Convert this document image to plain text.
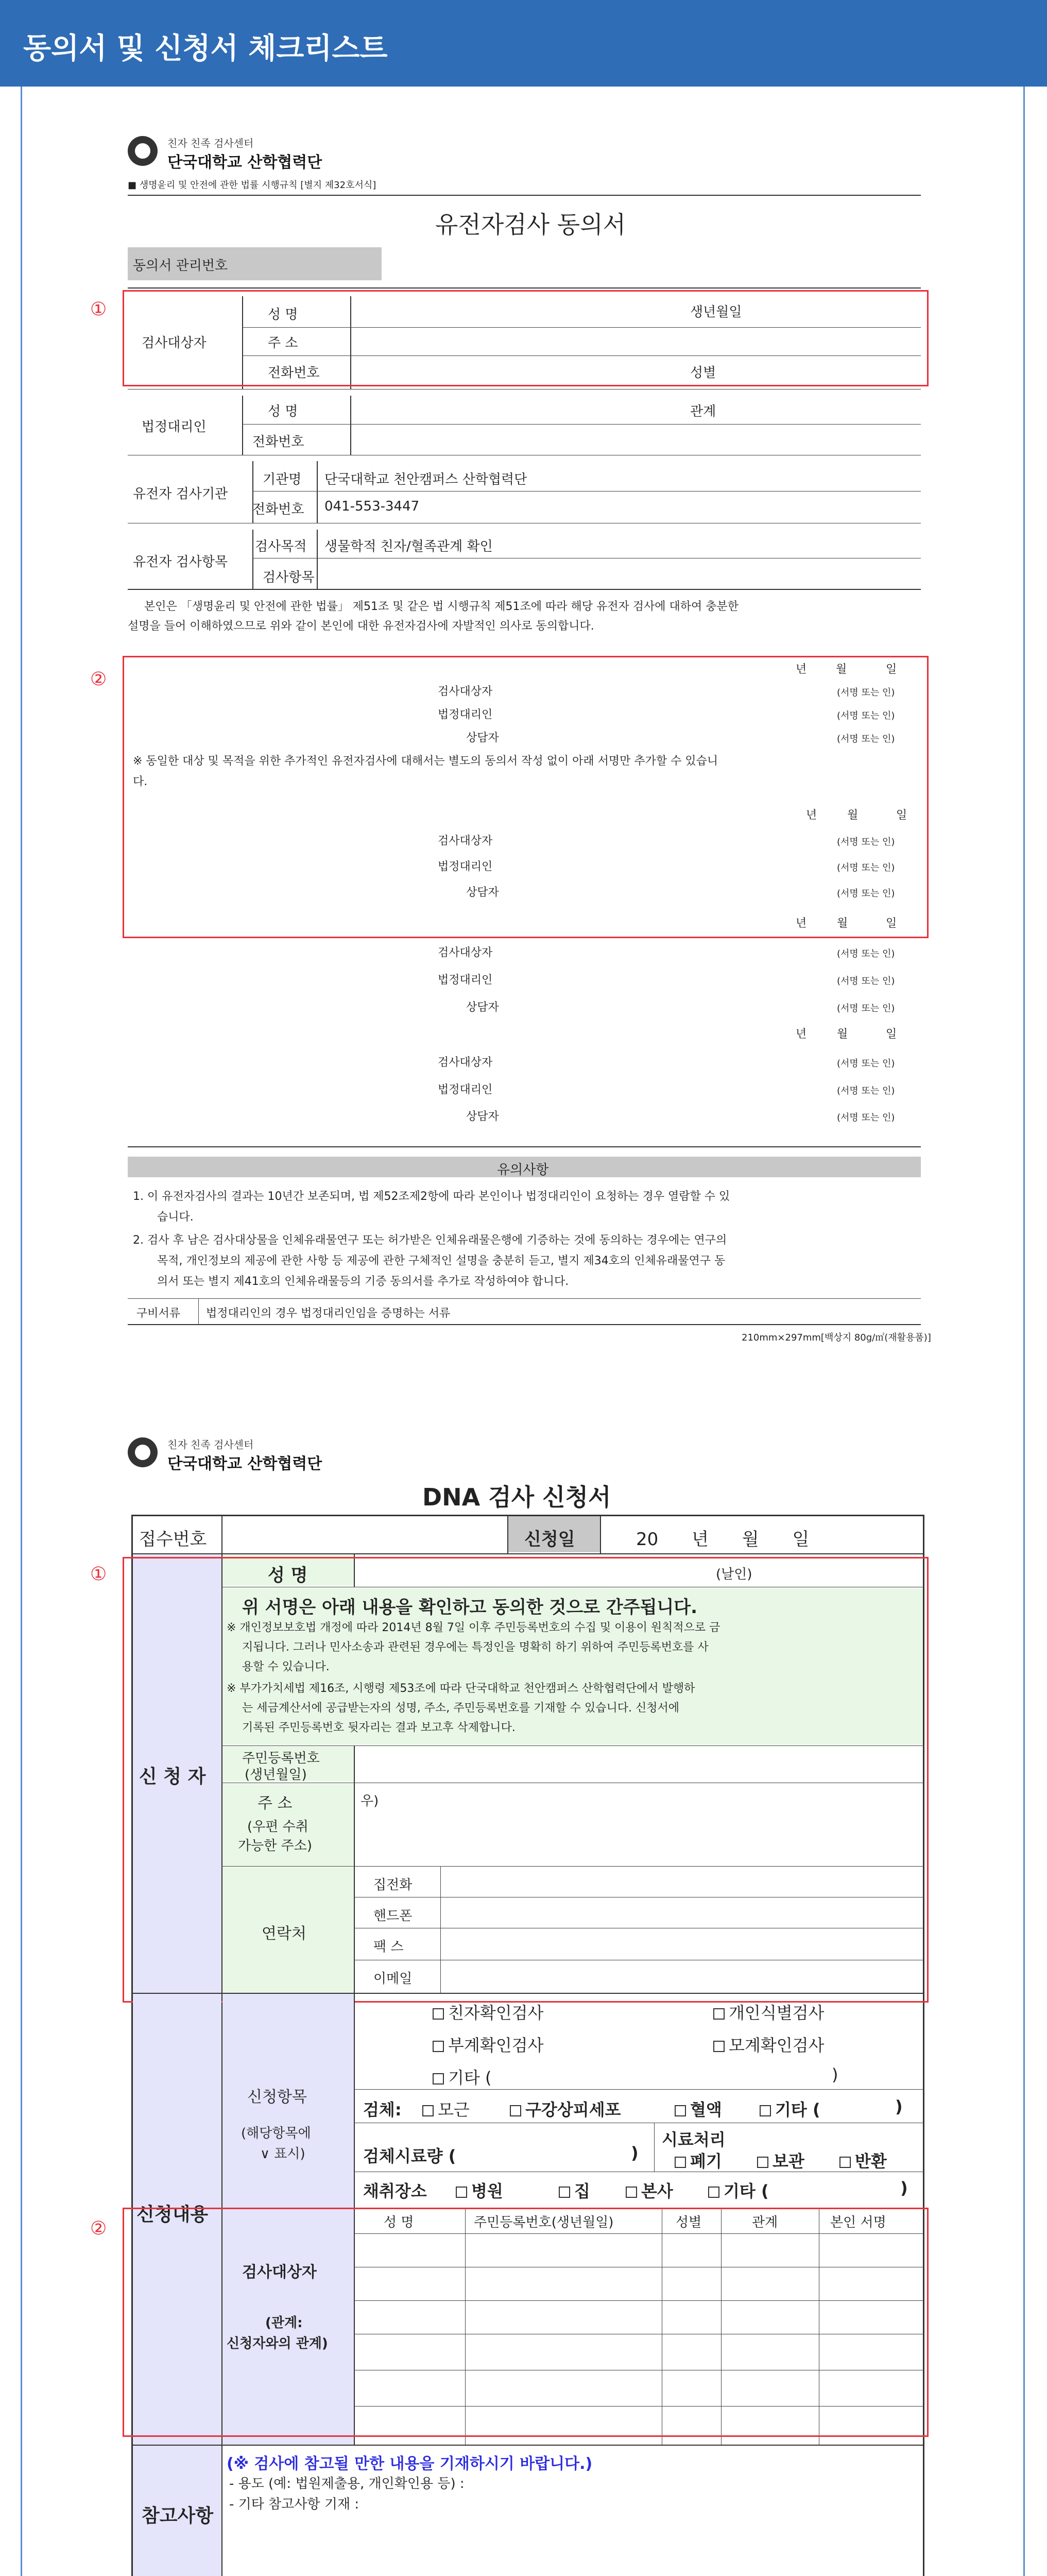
동의서 및 신청서 체크리스트
친자 친족 검사센터
단국대학교 산학협력단
■ 생명윤리 및 안전에 관한 법률 시행규칙 [별지 제32호서식]
유전자검사 동의서
동의서 관리번호
검사대상자
성 명	생년월일
주 소
전화번호	성별
①
법정대리인
성 명	관계
전화번호
유전자 검사기관
기관명 단국대학교 천안캠퍼스 산학협력단
전화번호 041-553-3447
유전자 검사항목
검사목적 생물학적 친자/혈족관계 확인
검사항목
본인은 「생명윤리 및 안전에 관한 법률」 제51조 및 같은 법 시행규칙 제51조에 따라 해당 유전자 검사에 대하여 충분한
설명을 들어 이해하였으므로 위와 같이 본인에 대한 유전자검사에 자발적인 의사로 동의합니다.
년	월	일
검사대상자	(서명 또는 인)
법정대리인	(서명 또는 인)
상담자	(서명 또는 인)
※ 동일한 대상 및 목적을 위한 추가적인 유전자검사에 대해서는 별도의 동의서 작성 없이 아래 서명만 추가할 수 있습니
다.
년	월	일
검사대상자	(서명 또는 인)
법정대리인	(서명 또는 인)
상담자	(서명 또는 인)
년	월	일
②
검사대상자	(서명 또는 인)
법정대리인	(서명 또는 인)
상담자	(서명 또는 인)
년	월	일
검사대상자	(서명 또는 인)
법정대리인	(서명 또는 인)
상담자	(서명 또는 인)
유의사항
1. 이 유전자검사의 결과는 10년간 보존되며, 법 제52조제2항에 따라 본인이나 법정대리인이 요청하는 경우 열람할 수 있
습니다.
2. 검사 후 남은 검사대상물을 인체유래물연구 또는 허가받은 인체유래물은행에 기증하는 것에 동의하는 경우에는 연구의
목적, 개인정보의 제공에 관한 사항 등 제공에 관한 구체적인 설명을 충분히 듣고, 별지 제34호의 인체유래물연구 동
의서 또는 별지 제41호의 인체유래물등의 기증 동의서를 추가로 작성하여야 합니다.
구비서류 법정대리인의 경우 법정대리인임을 증명하는 서류
210mm×297mm[백상지 80g/㎡(재활용품)]
친자 친족 검사센터
단국대학교 산학협력단
DNA 검사 신청서
접수번호	신청일	20      년      월      일
신 청 자
성 명	(날인)
위 서명은 아래 내용을 확인하고 동의한 것으로 간주됩니다.
※ 개인정보보호법 개정에 따라 2014년 8월 7일 이후 주민등록번호의 수집 및 이용이 원칙적으로 금
지됩니다. 그러나 민사소송과 관련된 경우에는 특정인을 명확히 하기 위하여 주민등록번호를 사
용할 수 있습니다.
※ 부가가치세법 제16조, 시행령 제53조에 따라 단국대학교 천안캠퍼스 산학협력단에서 발행하
는 세금계산서에 공급받는자의 성명, 주소, 주민등록번호를 기재할 수 있습니다. 신청서에
기록된 주민등록번호 뒷자리는 결과 보고후 삭제합니다.
주민등록번호
(생년월일)
주 소
(우편 수취
가능한 주소)
우)
연락처
집전화
핸드폰
팩 스
이메일
①
신청내용
신청항목
(해당항목에
∨ 표시)
친자확인검사	개인식별검사
부계확인검사	모계확인검사
기타 (	)
검체:	모근	구강상피세포	혈액	기타 (	)
검체시료량 (	)
시료처리
폐기	보관	반환
채취장소	병원	집	본사	기타 (	)
검사대상자
(관계:
신청자와의 관계)
성 명	주민등록번호(생년월일)	성별	관계	본인 서명
②
참고사항
(※ 검사에 참고될 만한 내용을 기재하시기 바랍니다.)
- 용도 (예: 법원제출용, 개인확인용 등) :
- 기타 참고사항 기재 :
